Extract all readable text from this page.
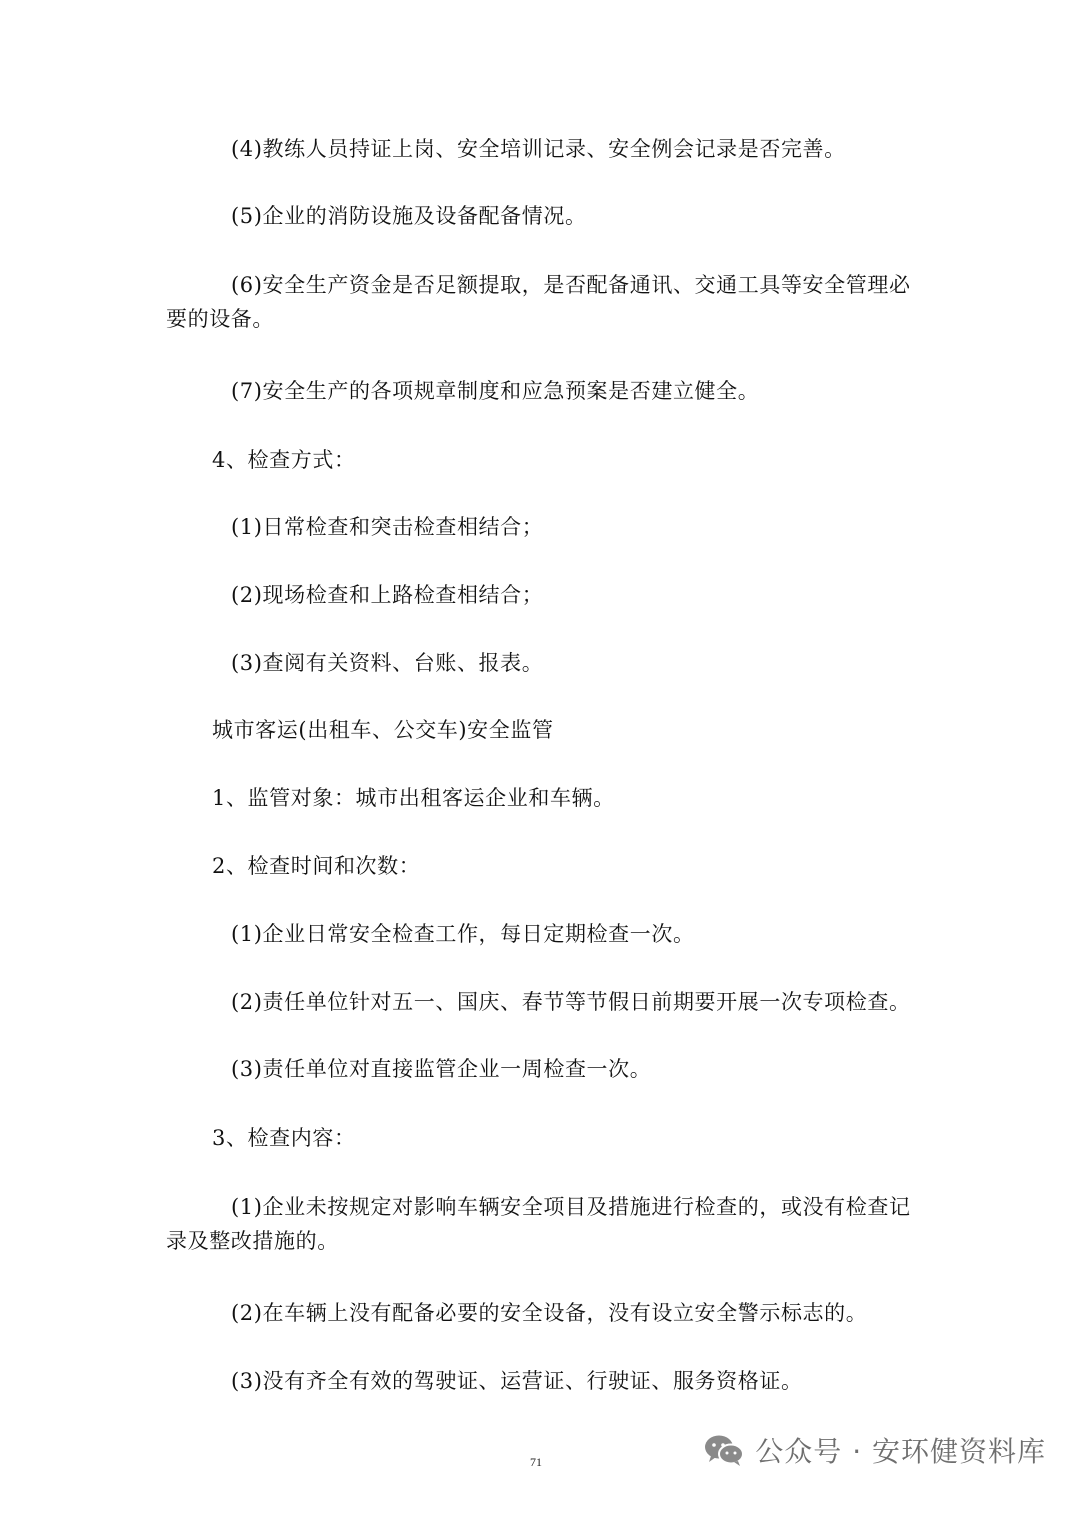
(4)教练人员持证上岗、安全培训记录、安全例会记录是否完善。
(5)企业的消防设施及设备配备情况。
(6)安全生产资金是否足额提取，是否配备通讯、交通工具等安全管理必
要的设备。
(7)安全生产的各项规章制度和应急预案是否建立健全。
4、检查方式：
(1)日常检查和突击检查相结合；
(2)现场检查和上路检查相结合；
(3)查阅有关资料、台账、报表。
城市客运(出租车、公交车)安全监管
1、监管对象：城市出租客运企业和车辆。
2、检查时间和次数：
(1)企业日常安全检查工作，每日定期检查一次。
(2)责任单位针对五一、国庆、春节等节假日前期要开展一次专项检查。
(3)责任单位对直接监管企业一周检查一次。
3、检查内容：
(1)企业未按规定对影响车辆安全项目及措施进行检查的，或没有检查记
录及整改措施的。
(2)在车辆上没有配备必要的安全设备，没有设立安全警示标志的。
(3)没有齐全有效的驾驶证、运营证、行驶证、服务资格证。
71	公众号 · 安环健资料库
